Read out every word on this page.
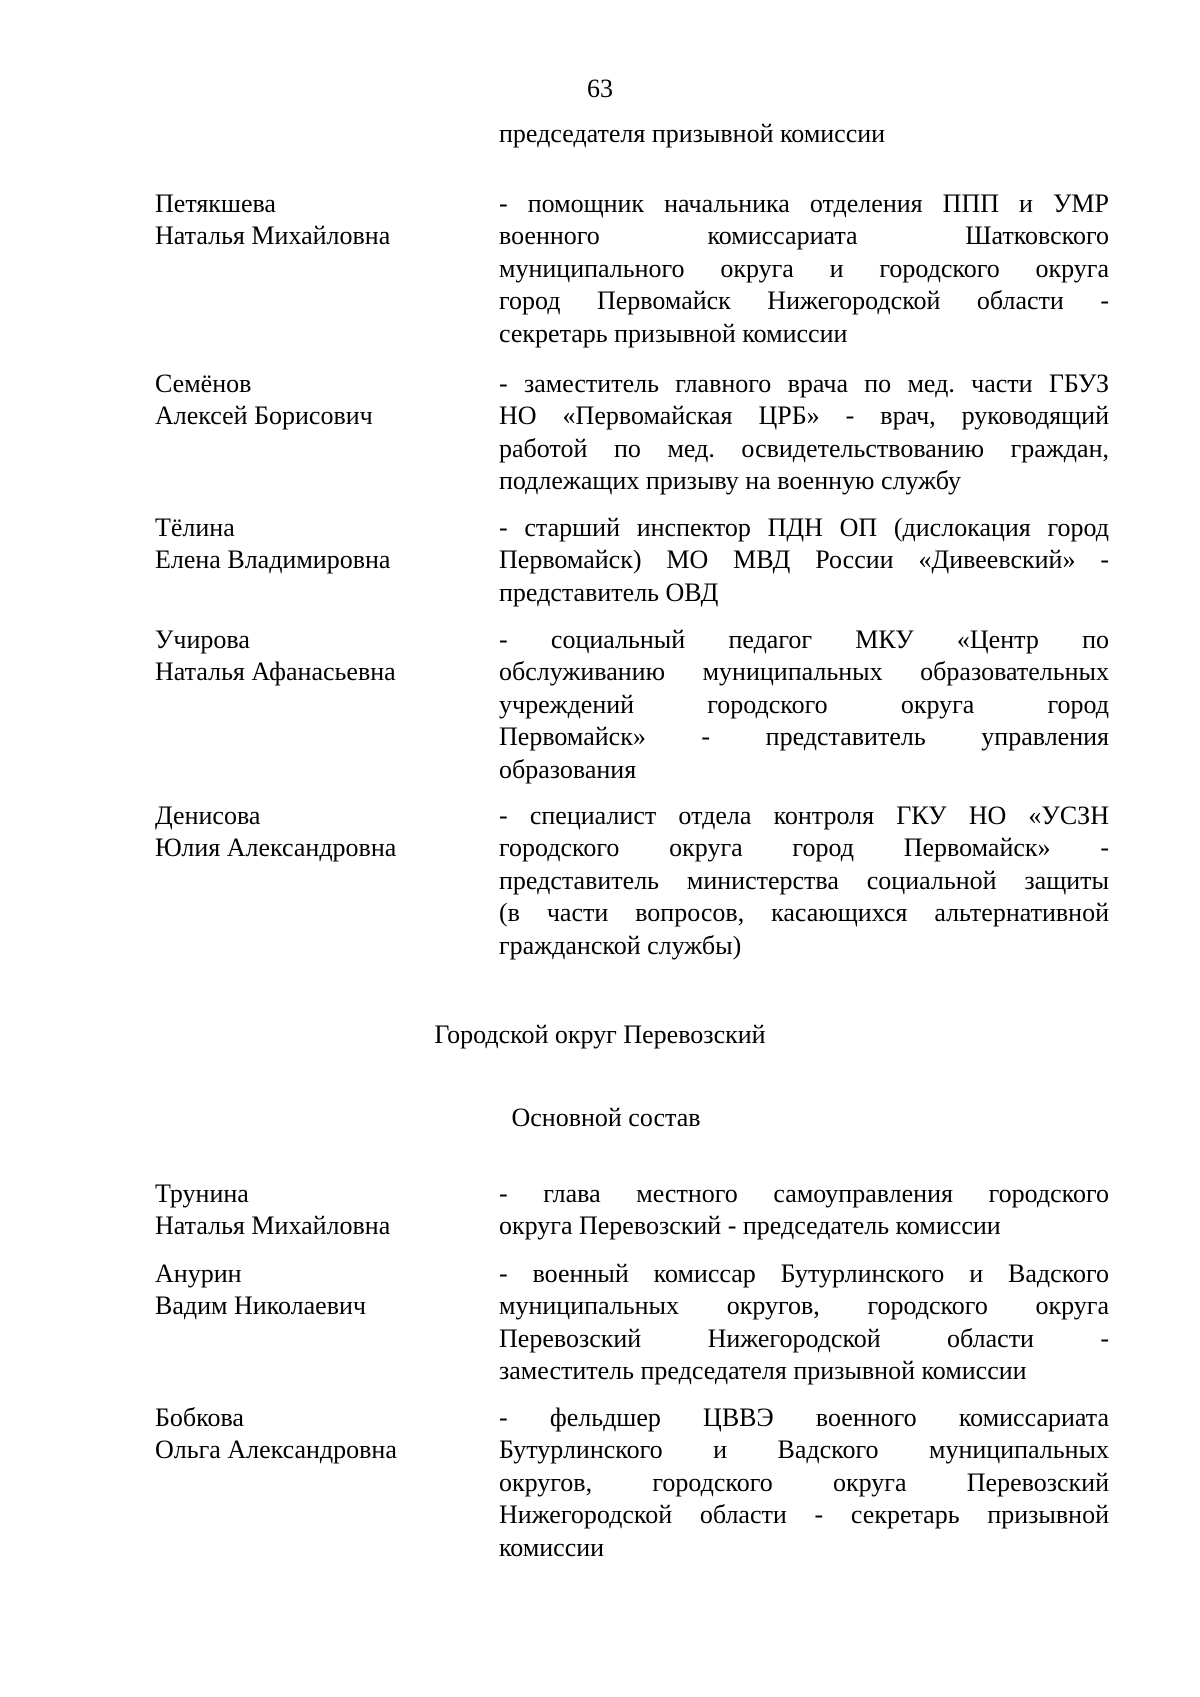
63
председателя призывной комиссии
Петякшева
Наталья Михайловна
- помощник начальника отделения ППП и УМР
военного комиссариата Шатковского
муниципального округа и городского округа
город Первомайск Нижегородской области -
секретарь призывной комиссии
Семёнов
Алексей Борисович
- заместитель главного врача по мед. части ГБУЗ
НО «Первомайская ЦРБ» - врач, руководящий
работой по мед. освидетельствованию граждан,
подлежащих призыву на военную службу
Тёлина
Елена Владимировна
- старший инспектор ПДН ОП (дислокация город
Первомайск) МО МВД России «Дивеевский» -
представитель ОВД
Учирова
Наталья Афанасьевна
- социальный педагог МКУ «Центр по
обслуживанию муниципальных образовательных
учреждений городского округа город
Первомайск» - представитель управления
образования
Денисова
Юлия Александровна
- специалист отдела контроля ГКУ НО «УСЗН
городского округа город Первомайск» -
представитель министерства социальной защиты
(в части вопросов, касающихся альтернативной
гражданской службы)
Городской округ Перевозский
Основной состав
Трунина
Наталья Михайловна
- глава местного самоуправления городского
округа Перевозский - председатель комиссии
Анурин
Вадим Николаевич
- военный комиссар Бутурлинского и Вадского
муниципальных округов, городского округа
Перевозский Нижегородской области -
заместитель председателя призывной комиссии
Бобкова
Ольга Александровна
- фельдшер ЦВВЭ военного комиссариата
Бутурлинского и Вадского муниципальных
округов, городского округа Перевозский
Нижегородской области - секретарь призывной
комиссии
